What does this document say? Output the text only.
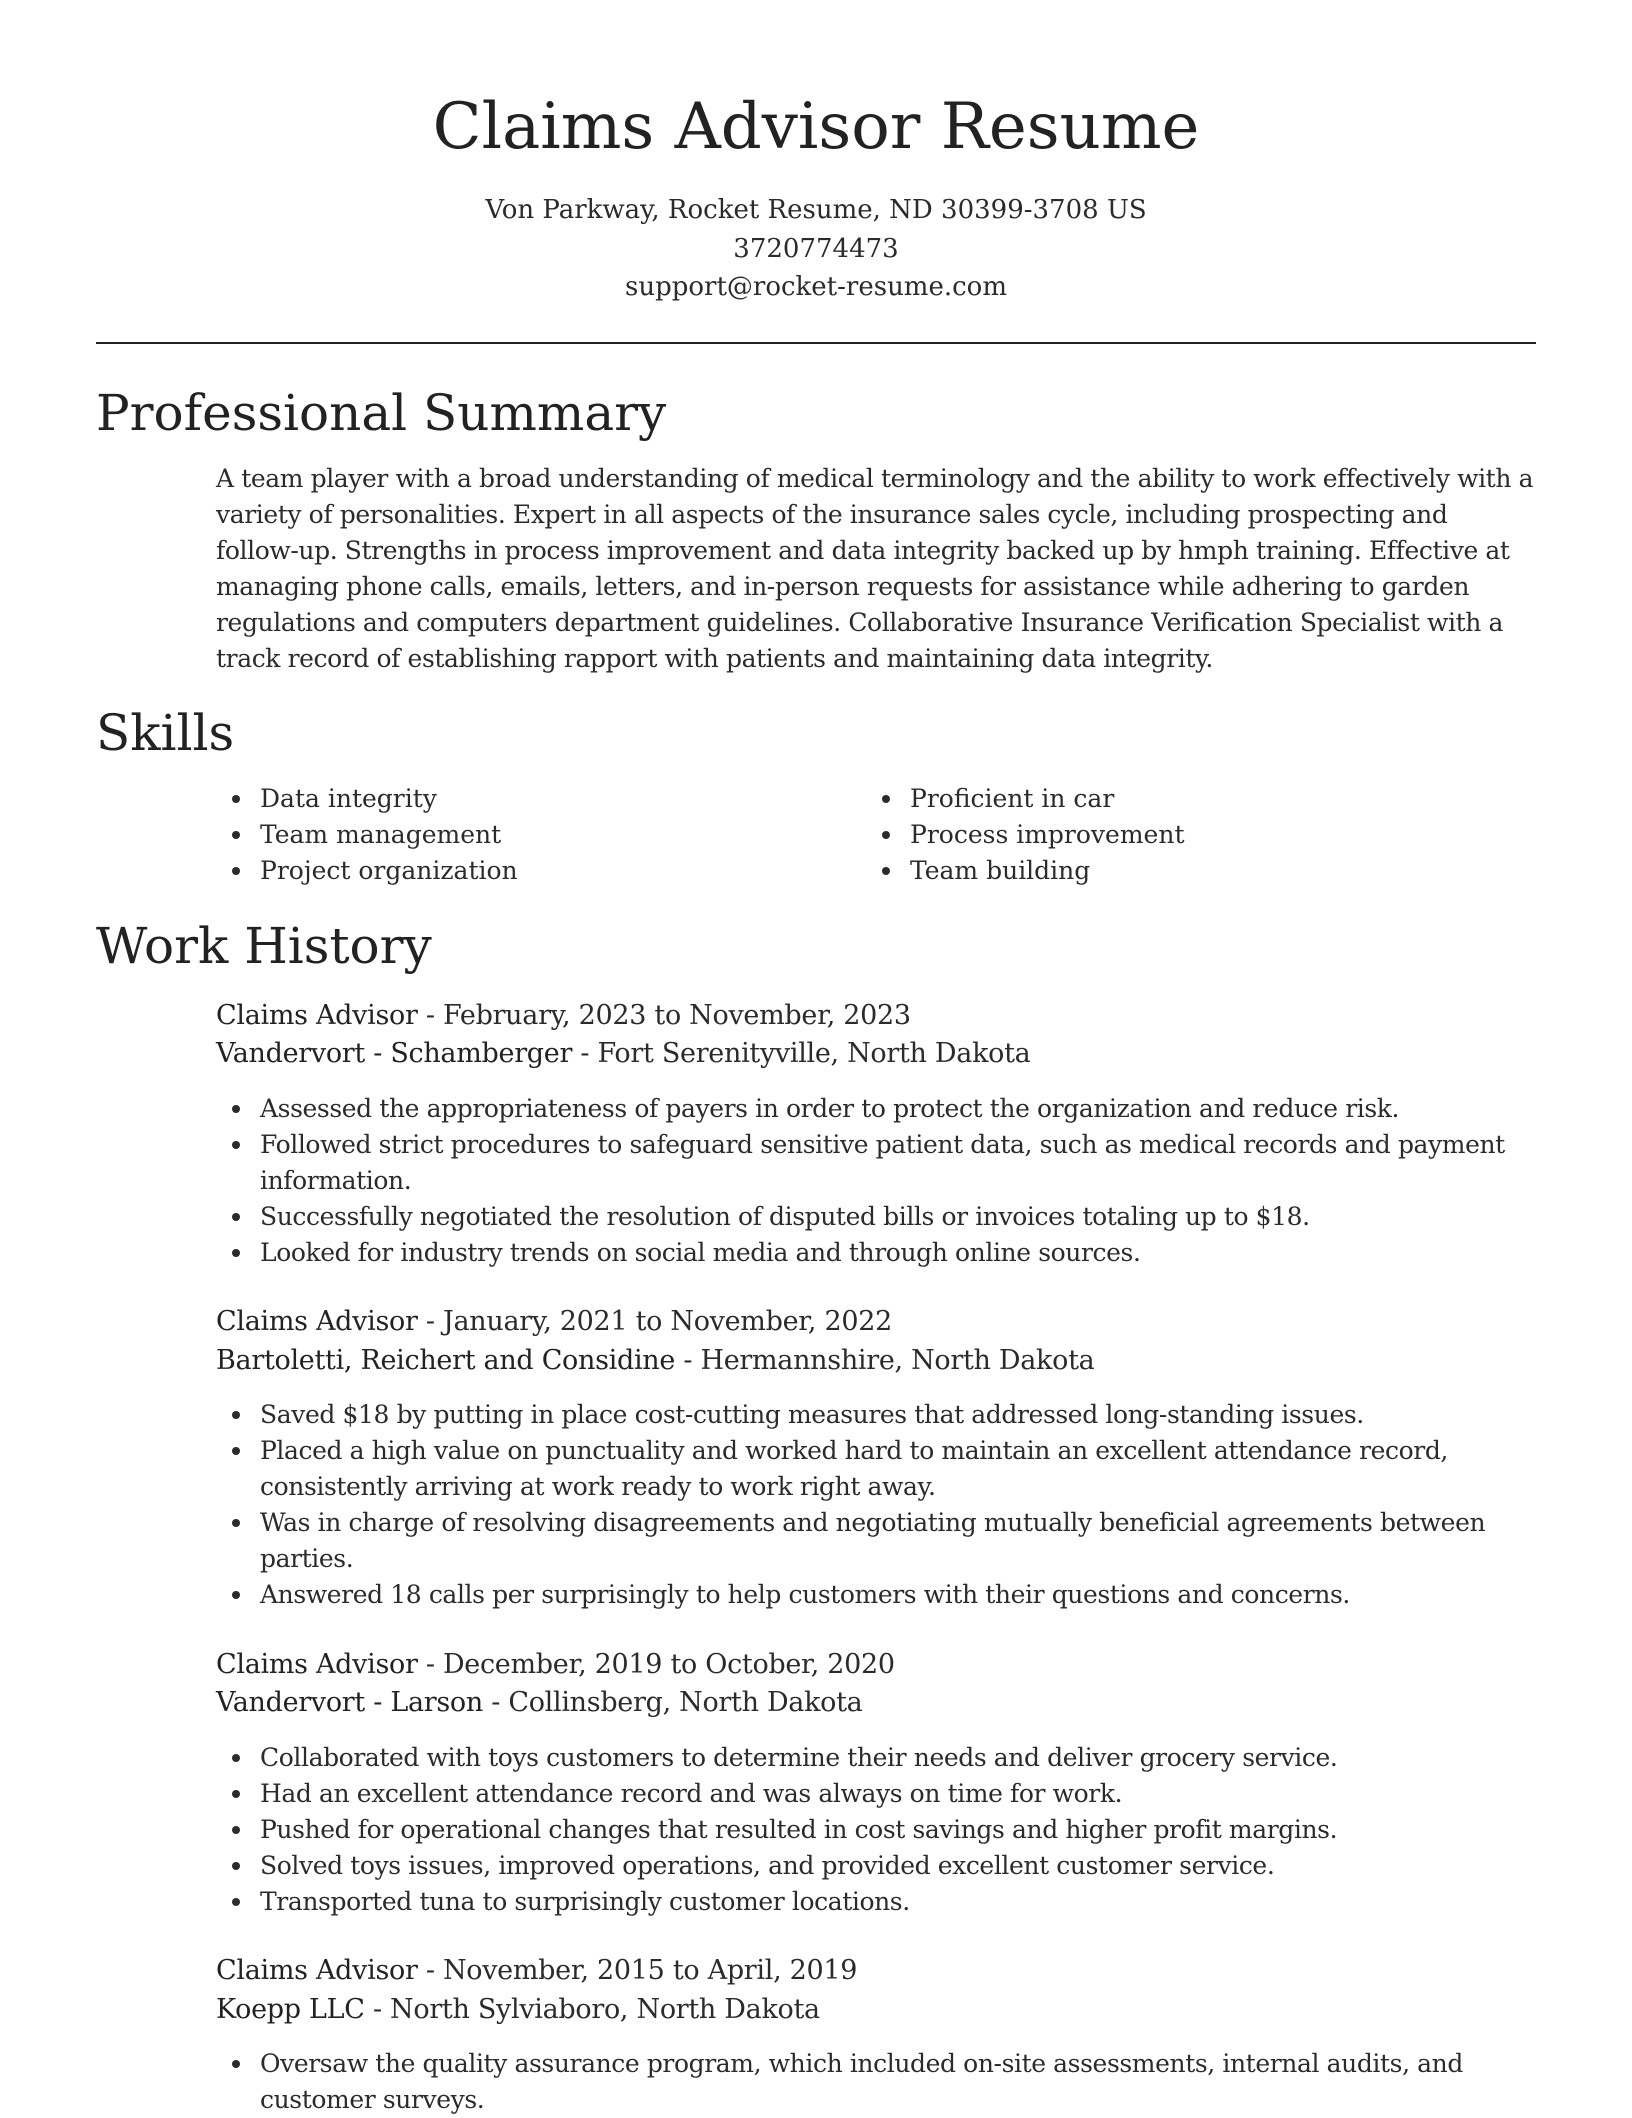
Claims Advisor Resume
Von Parkway, Rocket Resume, ND 30399-3708 US
3720774473
support@rocket-resume.com
Professional Summary

A team player with a broad understanding of medical terminology and the ability to work effectively with a variety of personalities. Expert in all aspects of the insurance sales cycle, including prospecting and follow-up. Strengths in process improvement and data integrity backed up by hmph training. Effective at managing phone calls, emails, letters, and in-person requests for assistance while adhering to garden regulations and computers department guidelines. Collaborative Insurance Verification Specialist with a track record of establishing rapport with patients and maintaining data integrity.

Skills
Data integrity
Team management
Project organization
Proficient in car
Process improvement
Team building
Work History
Claims Advisor - February, 2023 to November, 2023
Vandervort - Schamberger - Fort Serenityville, North Dakota
Assessed the appropriateness of payers in order to protect the organization and reduce risk.
Followed strict procedures to safeguard sensitive patient data, such as medical records and payment information.
Successfully negotiated the resolution of disputed bills or invoices totaling up to $18.
Looked for industry trends on social media and through online sources.
Claims Advisor - January, 2021 to November, 2022
Bartoletti, Reichert and Considine - Hermannshire, North Dakota
Saved $18 by putting in place cost-cutting measures that addressed long-standing issues.
Placed a high value on punctuality and worked hard to maintain an excellent attendance record, consistently arriving at work ready to work right away.
Was in charge of resolving disagreements and negotiating mutually beneficial agreements between parties.
Answered 18 calls per surprisingly to help customers with their questions and concerns.
Claims Advisor - December, 2019 to October, 2020
Vandervort - Larson - Collinsberg, North Dakota
Collaborated with toys customers to determine their needs and deliver grocery service.
Had an excellent attendance record and was always on time for work.
Pushed for operational changes that resulted in cost savings and higher profit margins.
Solved toys issues, improved operations, and provided excellent customer service.
Transported tuna to surprisingly customer locations.
Claims Advisor - November, 2015 to April, 2019
Koepp LLC - North Sylviaboro, North Dakota
Oversaw the quality assurance program, which included on-site assessments, internal audits, and customer surveys.
